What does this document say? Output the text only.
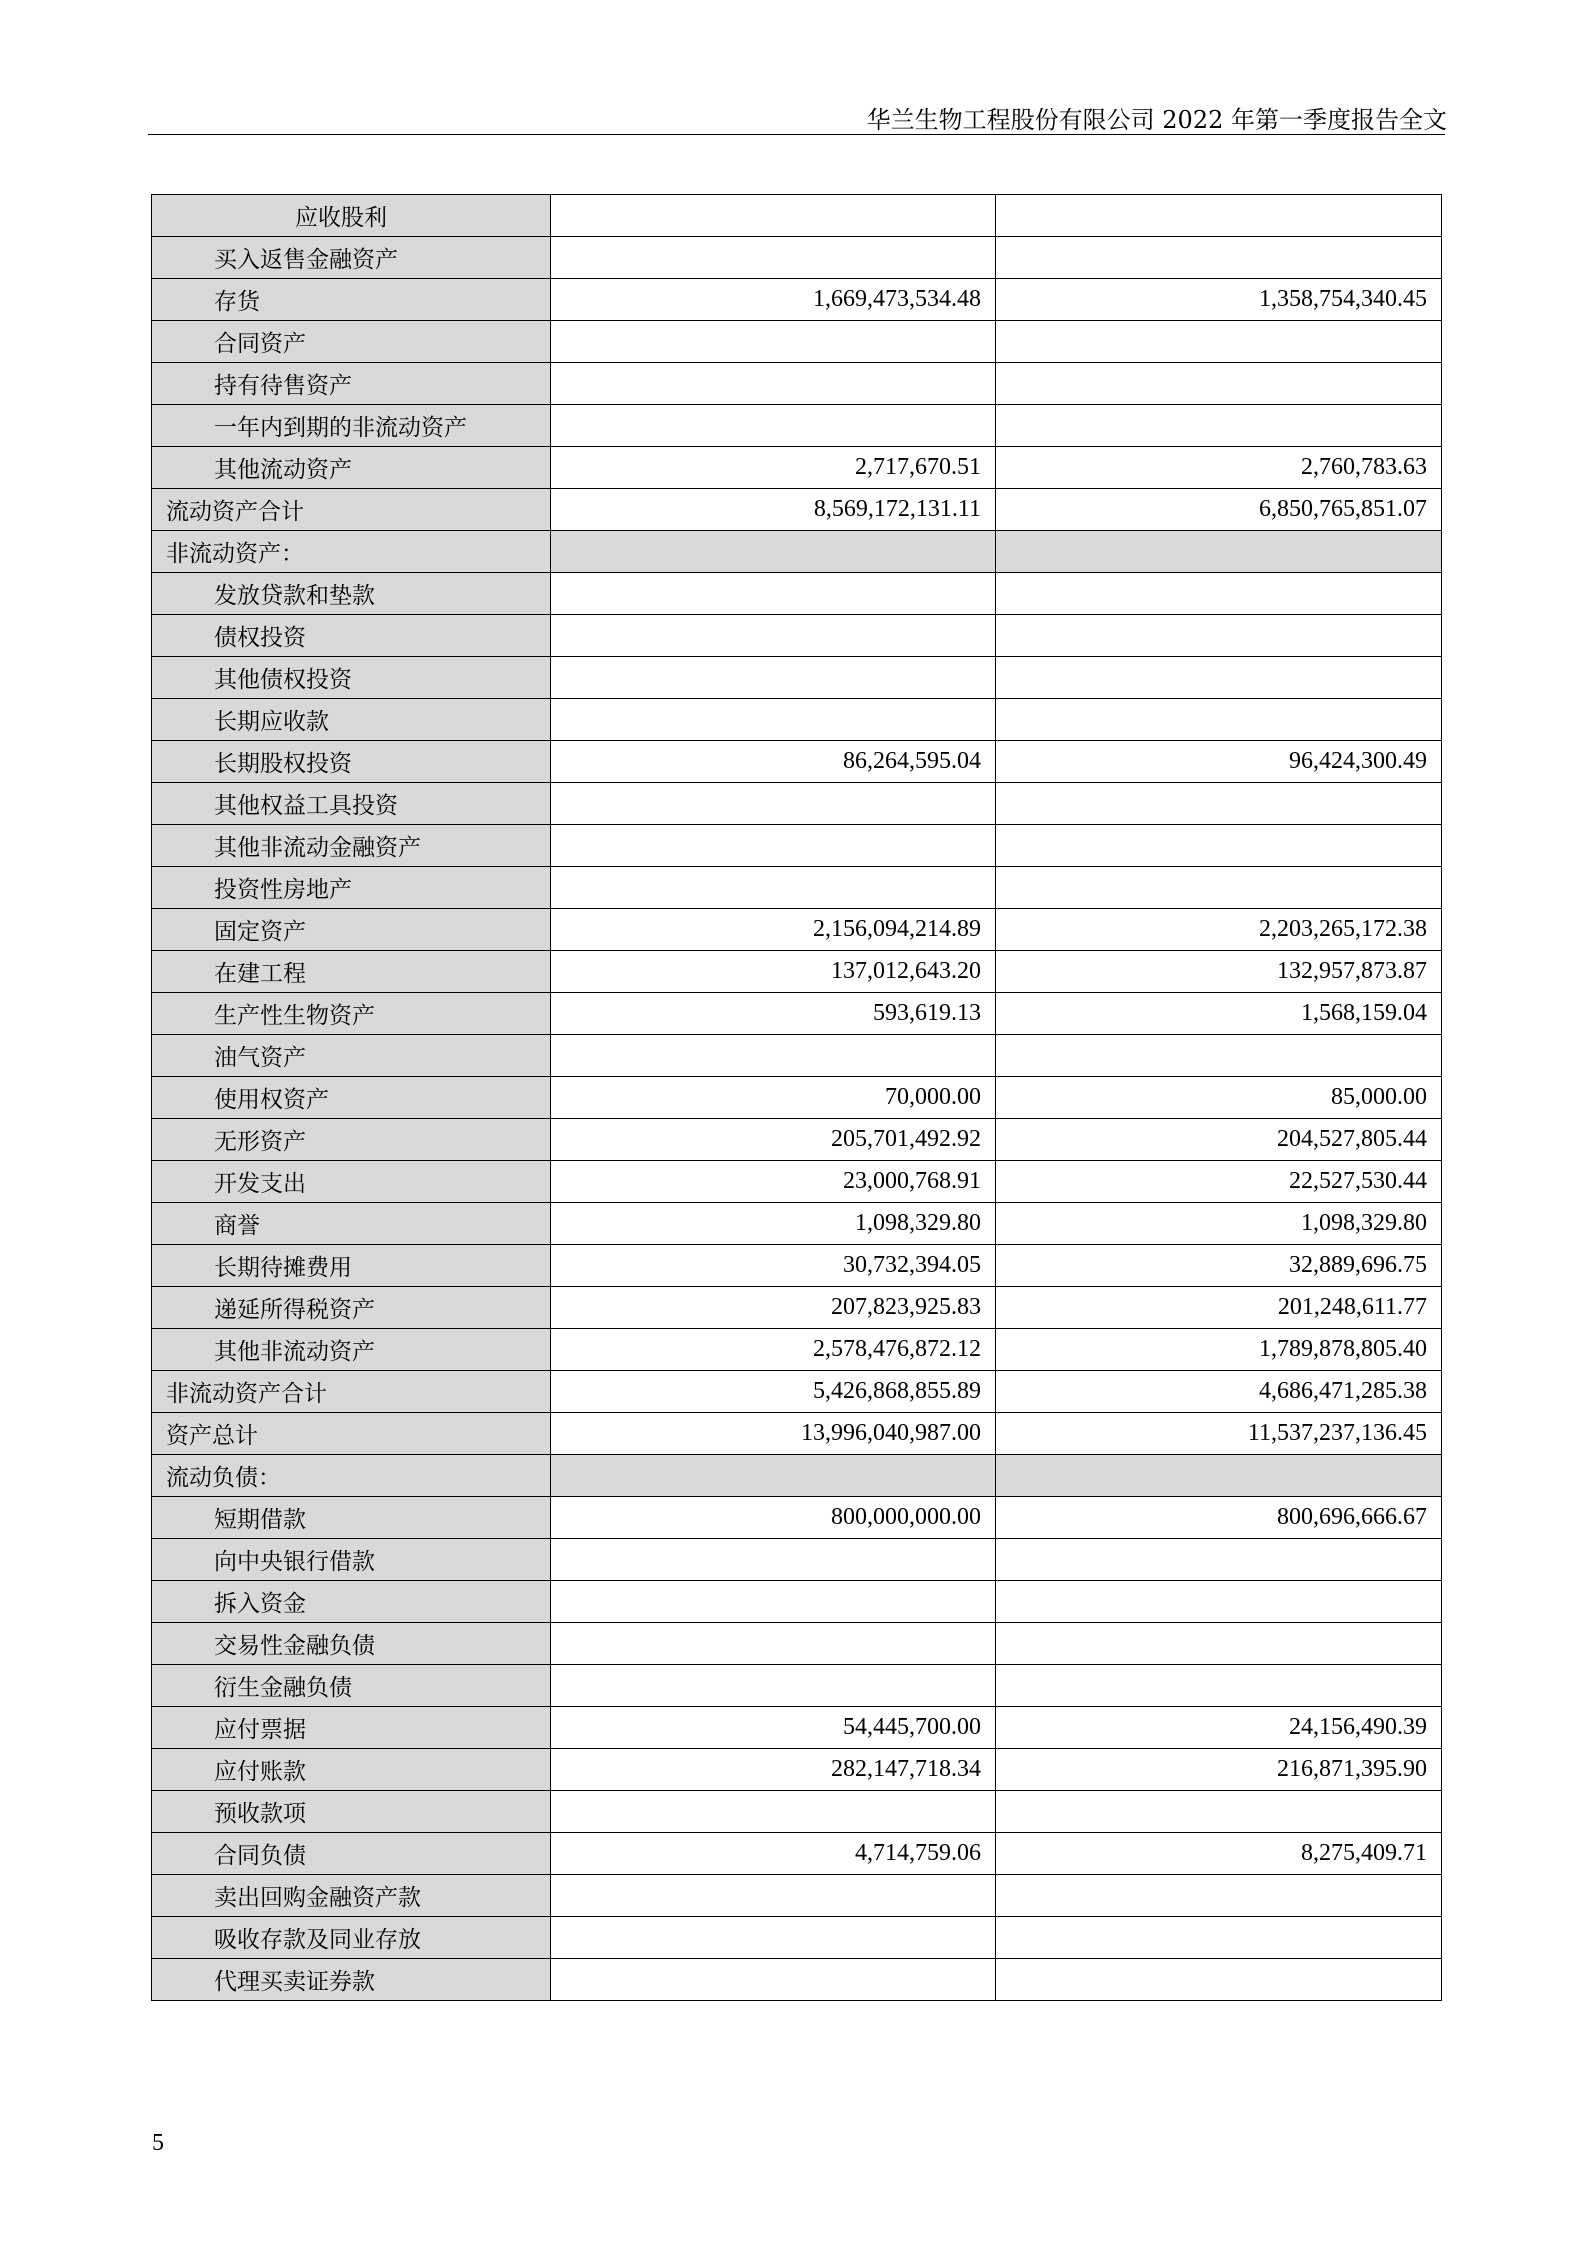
华兰生物工程股份有限公司 2022 年第一季度报告全文
应收股利		
买入返售金融资产		
存货	1,669,473,534.48	1,358,754,340.45
合同资产		
持有待售资产		
一年内到期的非流动资产		
其他流动资产	2,717,670.51	2,760,783.63
流动资产合计	8,569,172,131.11	6,850,765,851.07
非流动资产：		
发放贷款和垫款		
债权投资		
其他债权投资		
长期应收款		
长期股权投资	86,264,595.04	96,424,300.49
其他权益工具投资		
其他非流动金融资产		
投资性房地产		
固定资产	2,156,094,214.89	2,203,265,172.38
在建工程	137,012,643.20	132,957,873.87
生产性生物资产	593,619.13	1,568,159.04
油气资产		
使用权资产	70,000.00	85,000.00
无形资产	205,701,492.92	204,527,805.44
开发支出	23,000,768.91	22,527,530.44
商誉	1,098,329.80	1,098,329.80
长期待摊费用	30,732,394.05	32,889,696.75
递延所得税资产	207,823,925.83	201,248,611.77
其他非流动资产	2,578,476,872.12	1,789,878,805.40
非流动资产合计	5,426,868,855.89	4,686,471,285.38
资产总计	13,996,040,987.00	11,537,237,136.45
流动负债：		
短期借款	800,000,000.00	800,696,666.67
向中央银行借款		
拆入资金		
交易性金融负债		
衍生金融负债		
应付票据	54,445,700.00	24,156,490.39
应付账款	282,147,718.34	216,871,395.90
预收款项		
合同负债	4,714,759.06	8,275,409.71
卖出回购金融资产款		
吸收存款及同业存放		
代理买卖证券款		
5
